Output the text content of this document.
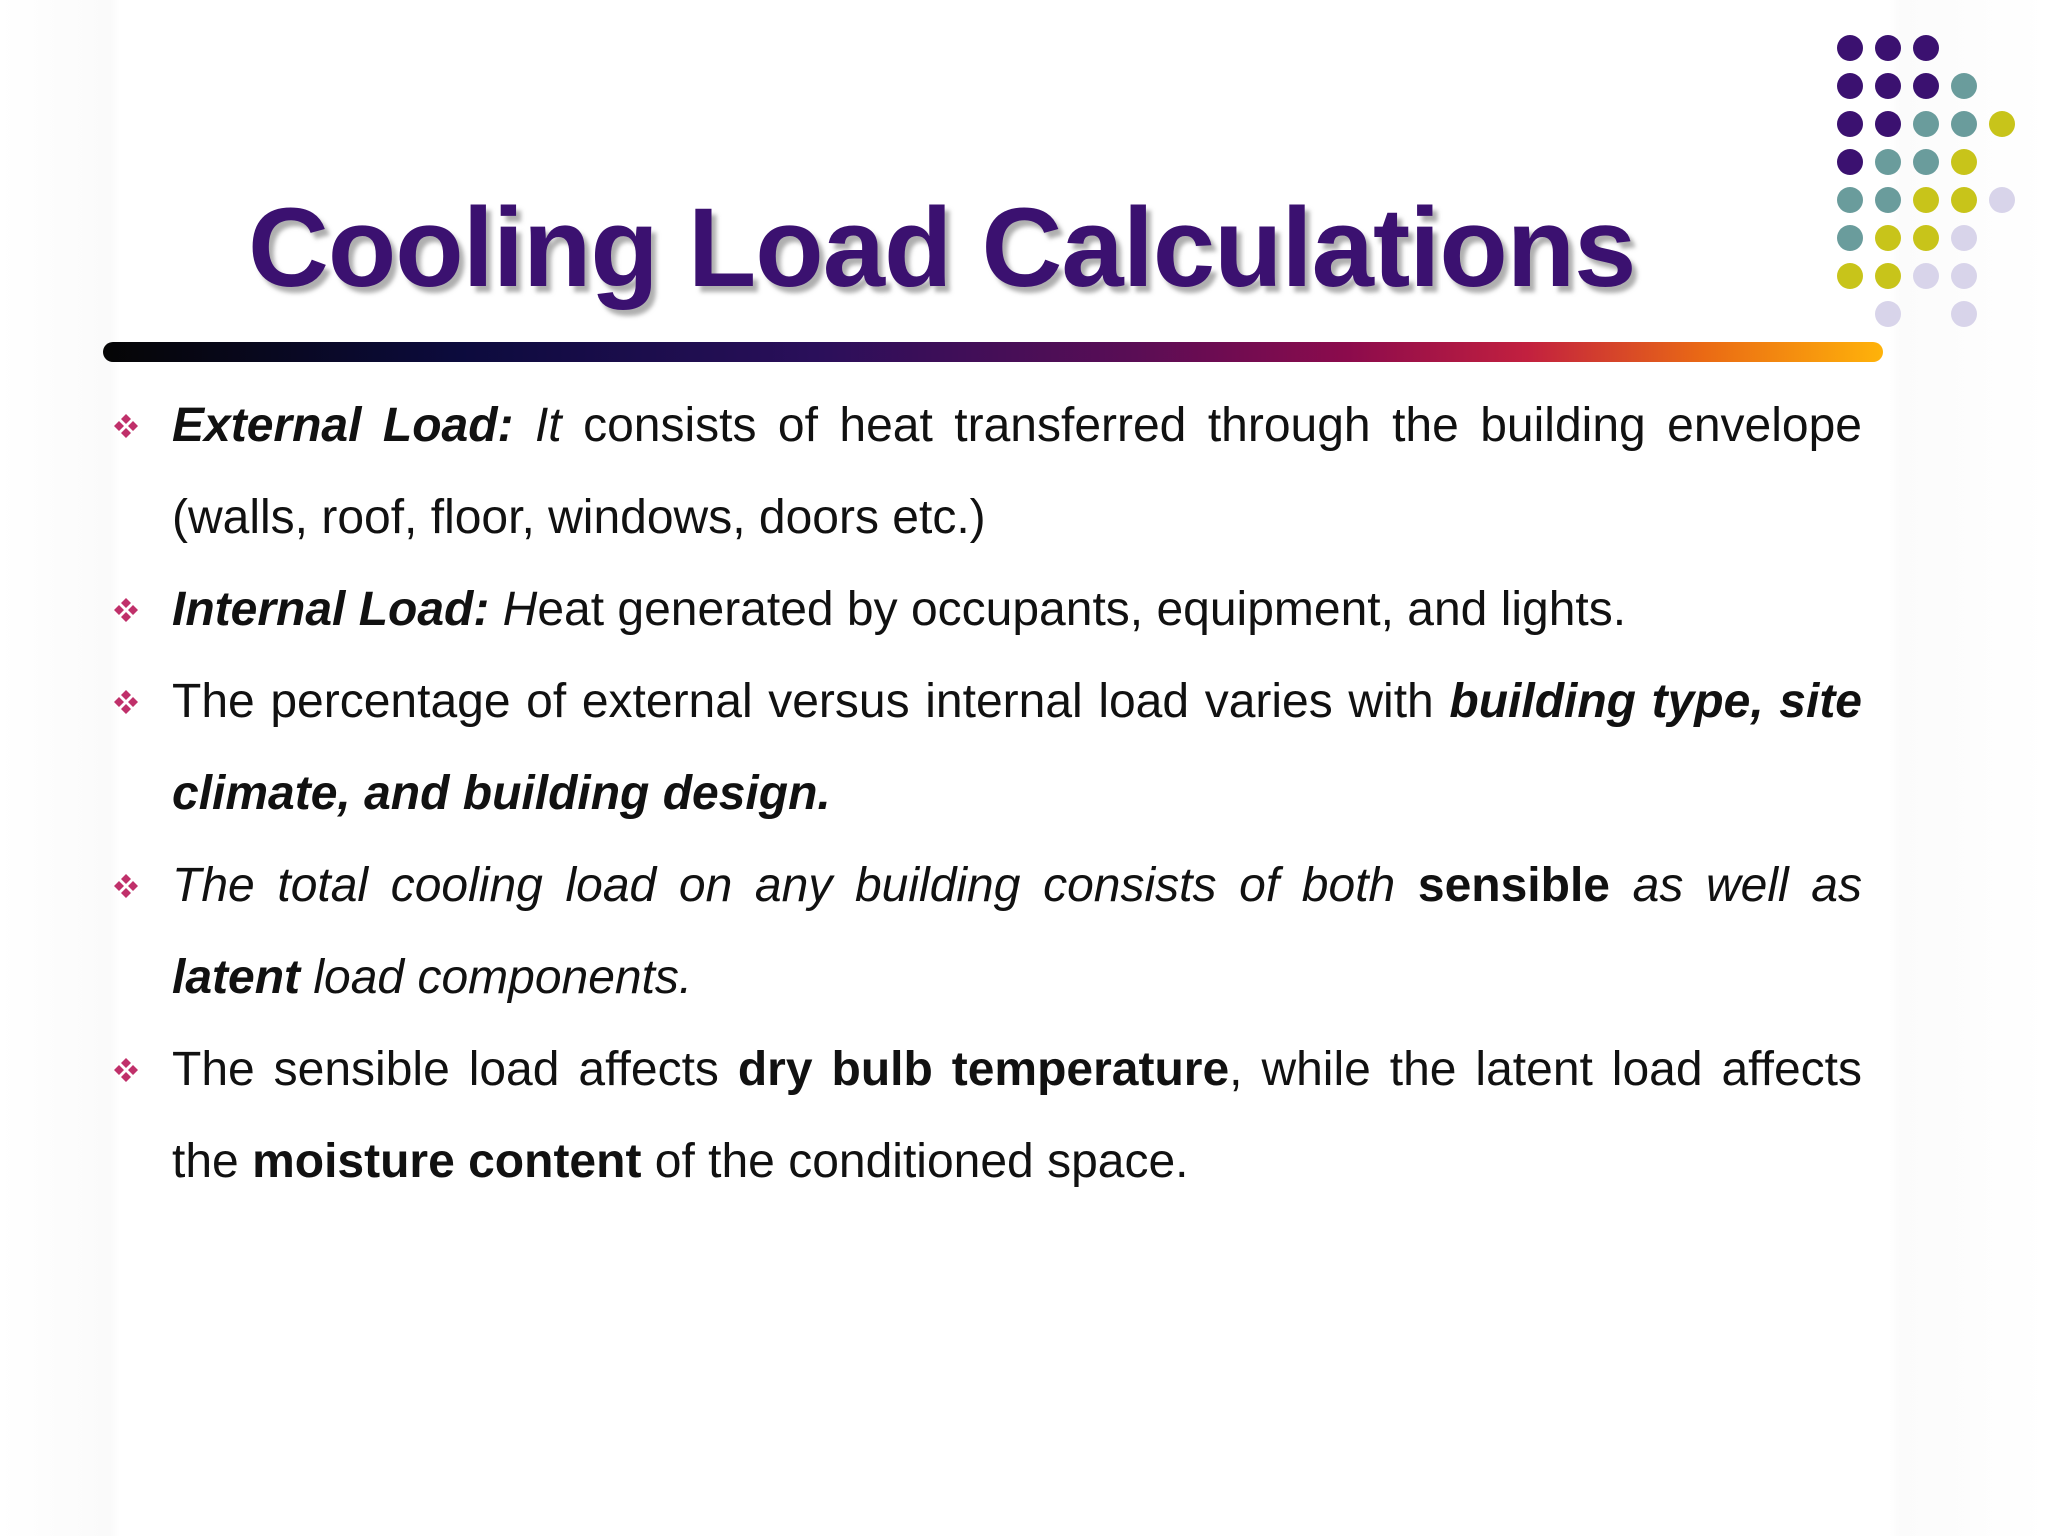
Cooling Load Calculations

External Load: It consists of heat transferred through the building envelope (walls, roof, floor, windows, doors etc.)

Internal Load: Heat generated by occupants, equipment, and lights.

The percentage of external versus internal load varies with building type, site climate, and building design.

The total cooling load on any building consists of both sensible as well as latent load components.

The sensible load affects dry bulb temperature, while the latent load affects the moisture content of the conditioned space.
